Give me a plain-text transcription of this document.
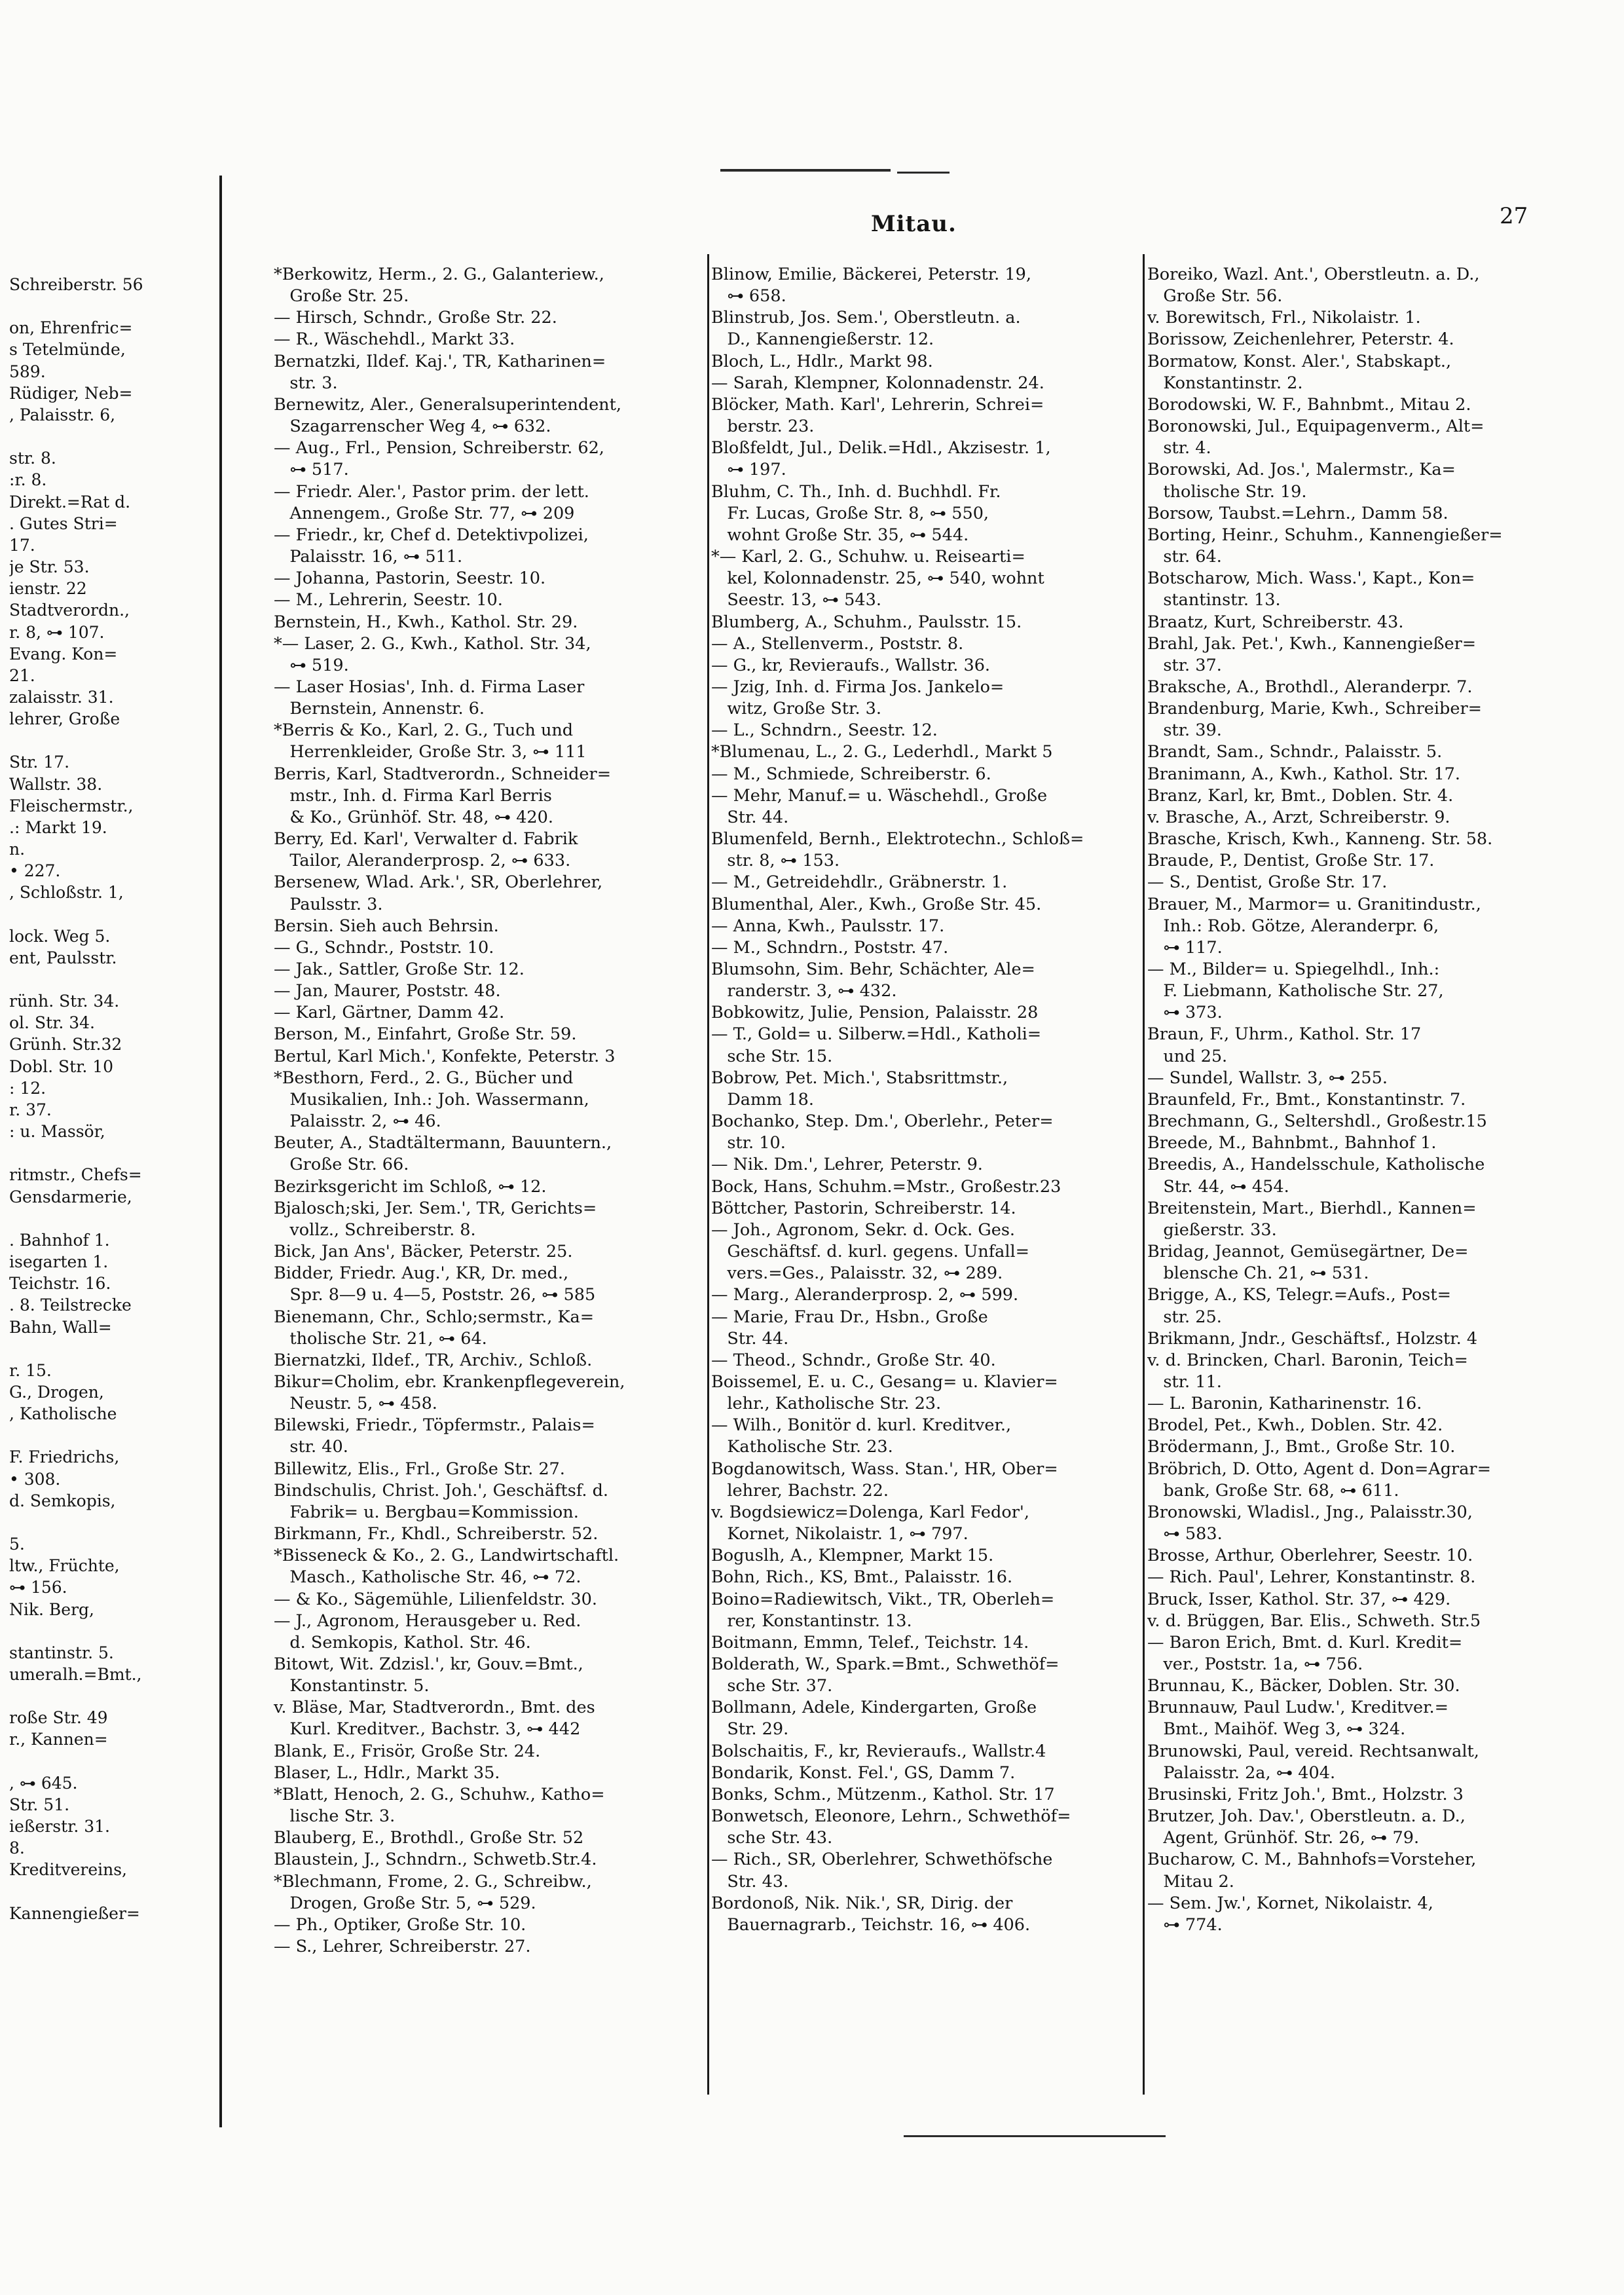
Mitau.	27
Schreiberstr. 56

on, Ehrenfric=
s Tetelmünde,
589.
Rüdiger, Neb=
, Palaisstr. 6,

str. 8.
:r. 8.
Direkt.=Rat d.
. Gutes Stri=
17.
je Str. 53.
ienstr. 22
Stadtverordn.,
r. 8, ⊶ 107.
Evang. Kon=
21.
zalaisstr. 31.
lehrer, Große

Str. 17.
Wallstr. 38.
Fleischermstr.,
.: Markt 19.
n.
• 227.
, Schloßstr. 1,

lock. Weg 5.
ent, Paulsstr.

rünh. Str. 34.
ol. Str. 34.
Grünh. Str.32
Dobl. Str. 10
: 12.
r. 37.
: u. Massör,

ritmstr., Chefs=
Gensdarmerie,

. Bahnhof 1.
isegarten 1.
Teichstr. 16.
. 8. Teilstrecke
Bahn, Wall=

r. 15.
G., Drogen,
, Katholische

F. Friedrichs,
• 308.
d. Semkopis,

5.
ltw., Früchte,
⊶ 156.
Nik. Berg,

stantinstr. 5.
umeralh.=Bmt.,

roße Str. 49
r., Kannen=

, ⊶ 645.
Str. 51.
ießerstr. 31.
8.
Kreditvereins,

Kannengießer=
*Berkowitz, Herm., 2. G., Galanteriew.,
Große Str. 25.
— Hirsch, Schndr., Große Str. 22.
— R., Wäschehdl., Markt 33.
Bernatzki, Ildef. Kaj.', TR, Katharinen=
str. 3.
Bernewitz, Aler., Generalsuperintendent,
Szagarrenscher Weg 4, ⊶ 632.
— Aug., Frl., Pension, Schreiberstr. 62,
⊶ 517.
— Friedr. Aler.', Pastor prim. der lett.
Annengem., Große Str. 77, ⊶ 209
— Friedr., kr, Chef d. Detektivpolizei,
Palaisstr. 16, ⊶ 511.
— Johanna, Pastorin, Seestr. 10.
— M., Lehrerin, Seestr. 10.
Bernstein, H., Kwh., Kathol. Str. 29.
*— Laser, 2. G., Kwh., Kathol. Str. 34,
⊶ 519.
— Laser Hosias', Inh. d. Firma Laser
Bernstein, Annenstr. 6.
*Berris & Ko., Karl, 2. G., Tuch und
Herrenkleider, Große Str. 3, ⊶ 111
Berris, Karl, Stadtverordn., Schneider=
mstr., Inh. d. Firma Karl Berris
& Ko., Grünhöf. Str. 48, ⊶ 420.
Berry, Ed. Karl', Verwalter d. Fabrik
Tailor, Aleranderprosp. 2, ⊶ 633.
Bersenew, Wlad. Ark.', SR, Oberlehrer,
Paulsstr. 3.
Bersin. Sieh auch Behrsin.
— G., Schndr., Poststr. 10.
— Jak., Sattler, Große Str. 12.
— Jan, Maurer, Poststr. 48.
— Karl, Gärtner, Damm 42.
Berson, M., Einfahrt, Große Str. 59.
Bertul, Karl Mich.', Konfekte, Peterstr. 3
*Besthorn, Ferd., 2. G., Bücher und
Musikalien, Inh.: Joh. Wassermann,
Palaisstr. 2, ⊶ 46.
Beuter, A., Stadtältermann, Bauuntern.,
Große Str. 66.
Bezirksgericht im Schloß, ⊶ 12.
Bjalosch;ski, Jer. Sem.', TR, Gerichts=
vollz., Schreiberstr. 8.
Bick, Jan Ans', Bäcker, Peterstr. 25.
Bidder, Friedr. Aug.', KR, Dr. med.,
Spr. 8—9 u. 4—5, Poststr. 26, ⊶ 585
Bienemann, Chr., Schlo;sermstr., Ka=
tholische Str. 21, ⊶ 64.
Biernatzki, Ildef., TR, Archiv., Schloß.
Bikur=Cholim, ebr. Krankenpflegeverein,
Neustr. 5, ⊶ 458.
Bilewski, Friedr., Töpfermstr., Palais=
str. 40.
Billewitz, Elis., Frl., Große Str. 27.
Bindschulis, Christ. Joh.', Geschäftsf. d.
Fabrik= u. Bergbau=Kommission.
Birkmann, Fr., Khdl., Schreiberstr. 52.
*Bisseneck & Ko., 2. G., Landwirtschaftl.
Masch., Katholische Str. 46, ⊶ 72.
— & Ko., Sägemühle, Lilienfeldstr. 30.
— J., Agronom, Herausgeber u. Red.
d. Semkopis, Kathol. Str. 46.
Bitowt, Wit. Zdzisl.', kr, Gouv.=Bmt.,
Konstantinstr. 5.
v. Bläse, Mar, Stadtverordn., Bmt. des
Kurl. Kreditver., Bachstr. 3, ⊶ 442
Blank, E., Frisör, Große Str. 24.
Blaser, L., Hdlr., Markt 35.
*Blatt, Henoch, 2. G., Schuhw., Katho=
lische Str. 3.
Blauberg, E., Brothdl., Große Str. 52
Blaustein, J., Schndrn., Schwetb.Str.4.
*Blechmann, Frome, 2. G., Schreibw.,
Drogen, Große Str. 5, ⊶ 529.
— Ph., Optiker, Große Str. 10.
— S., Lehrer, Schreiberstr. 27.
Blinow, Emilie, Bäckerei, Peterstr. 19,
⊶ 658.
Blinstrub, Jos. Sem.', Oberstleutn. a.
D., Kannengießerstr. 12.
Bloch, L., Hdlr., Markt 98.
— Sarah, Klempner, Kolonnadenstr. 24.
Blöcker, Math. Karl', Lehrerin, Schrei=
berstr. 23.
Bloßfeldt, Jul., Delik.=Hdl., Akzisestr. 1,
⊶ 197.
Bluhm, C. Th., Inh. d. Buchhdl. Fr.
Fr. Lucas, Große Str. 8, ⊶ 550,
wohnt Große Str. 35, ⊶ 544.
*— Karl, 2. G., Schuhw. u. Reisearti=
kel, Kolonnadenstr. 25, ⊶ 540, wohnt
Seestr. 13, ⊶ 543.
Blumberg, A., Schuhm., Paulsstr. 15.
— A., Stellenverm., Poststr. 8.
— G., kr, Revieraufs., Wallstr. 36.
— Jzig, Inh. d. Firma Jos. Jankelo=
witz, Große Str. 3.
— L., Schndrn., Seestr. 12.
*Blumenau, L., 2. G., Lederhdl., Markt 5
— M., Schmiede, Schreiberstr. 6.
— Mehr, Manuf.= u. Wäschehdl., Große
Str. 44.
Blumenfeld, Bernh., Elektrotechn., Schloß=
str. 8, ⊶ 153.
— M., Getreidehdlr., Gräbnerstr. 1.
Blumenthal, Aler., Kwh., Große Str. 45.
— Anna, Kwh., Paulsstr. 17.
— M., Schndrn., Poststr. 47.
Blumsohn, Sim. Behr, Schächter, Ale=
randerstr. 3, ⊶ 432.
Bobkowitz, Julie, Pension, Palaisstr. 28
— T., Gold= u. Silberw.=Hdl., Katholi=
sche Str. 15.
Bobrow, Pet. Mich.', Stabsrittmstr.,
Damm 18.
Bochanko, Step. Dm.', Oberlehr., Peter=
str. 10.
— Nik. Dm.', Lehrer, Peterstr. 9.
Bock, Hans, Schuhm.=Mstr., Großestr.23
Böttcher, Pastorin, Schreiberstr. 14.
— Joh., Agronom, Sekr. d. Ock. Ges.
Geschäftsf. d. kurl. gegens. Unfall=
vers.=Ges., Palaisstr. 32, ⊶ 289.
— Marg., Aleranderprosp. 2, ⊶ 599.
— Marie, Frau Dr., Hsbn., Große
Str. 44.
— Theod., Schndr., Große Str. 40.
Boissemel, E. u. C., Gesang= u. Klavier=
lehr., Katholische Str. 23.
— Wilh., Bonitör d. kurl. Kreditver.,
Katholische Str. 23.
Bogdanowitsch, Wass. Stan.', HR, Ober=
lehrer, Bachstr. 22.
v. Bogdsiewicz=Dolenga, Karl Fedor',
Kornet, Nikolaistr. 1, ⊶ 797.
Boguslh, A., Klempner, Markt 15.
Bohn, Rich., KS, Bmt., Palaisstr. 16.
Boino=Radiewitsch, Vikt., TR, Oberleh=
rer, Konstantinstr. 13.
Boitmann, Emmn, Telef., Teichstr. 14.
Bolderath, W., Spark.=Bmt., Schwethöf=
sche Str. 37.
Bollmann, Adele, Kindergarten, Große
Str. 29.
Bolschaitis, F., kr, Revieraufs., Wallstr.4
Bondarik, Konst. Fel.', GS, Damm 7.
Bonks, Schm., Mützenm., Kathol. Str. 17
Bonwetsch, Eleonore, Lehrn., Schwethöf=
sche Str. 43.
— Rich., SR, Oberlehrer, Schwethöfsche
Str. 43.
Bordonoß, Nik. Nik.', SR, Dirig. der
Bauernagrarb., Teichstr. 16, ⊶ 406.
Boreiko, Wazl. Ant.', Oberstleutn. a. D.,
Große Str. 56.
v. Borewitsch, Frl., Nikolaistr. 1.
Borissow, Zeichenlehrer, Peterstr. 4.
Bormatow, Konst. Aler.', Stabskapt.,
Konstantinstr. 2.
Borodowski, W. F., Bahnbmt., Mitau 2.
Boronowski, Jul., Equipagenverm., Alt=
str. 4.
Borowski, Ad. Jos.', Malermstr., Ka=
tholische Str. 19.
Borsow, Taubst.=Lehrn., Damm 58.
Borting, Heinr., Schuhm., Kannengießer=
str. 64.
Botscharow, Mich. Wass.', Kapt., Kon=
stantinstr. 13.
Braatz, Kurt, Schreiberstr. 43.
Brahl, Jak. Pet.', Kwh., Kannengießer=
str. 37.
Braksche, A., Brothdl., Aleranderpr. 7.
Brandenburg, Marie, Kwh., Schreiber=
str. 39.
Brandt, Sam., Schndr., Palaisstr. 5.
Branimann, A., Kwh., Kathol. Str. 17.
Branz, Karl, kr, Bmt., Doblen. Str. 4.
v. Brasche, A., Arzt, Schreiberstr. 9.
Brasche, Krisch, Kwh., Kanneng. Str. 58.
Braude, P., Dentist, Große Str. 17.
— S., Dentist, Große Str. 17.
Brauer, M., Marmor= u. Granitindustr.,
Inh.: Rob. Götze, Aleranderpr. 6,
⊶ 117.
— M., Bilder= u. Spiegelhdl., Inh.:
F. Liebmann, Katholische Str. 27,
⊶ 373.
Braun, F., Uhrm., Kathol. Str. 17
und 25.
— Sundel, Wallstr. 3, ⊶ 255.
Braunfeld, Fr., Bmt., Konstantinstr. 7.
Brechmann, G., Seltershdl., Großestr.15
Breede, M., Bahnbmt., Bahnhof 1.
Breedis, A., Handelsschule, Katholische
Str. 44, ⊶ 454.
Breitenstein, Mart., Bierhdl., Kannen=
gießerstr. 33.
Bridag, Jeannot, Gemüsegärtner, De=
blensche Ch. 21, ⊶ 531.
Brigge, A., KS, Telegr.=Aufs., Post=
str. 25.
Brikmann, Jndr., Geschäftsf., Holzstr. 4
v. d. Brincken, Charl. Baronin, Teich=
str. 11.
— L. Baronin, Katharinenstr. 16.
Brodel, Pet., Kwh., Doblen. Str. 42.
Brödermann, J., Bmt., Große Str. 10.
Bröbrich, D. Otto, Agent d. Don=Agrar=
bank, Große Str. 68, ⊶ 611.
Bronowski, Wladisl., Jng., Palaisstr.30,
⊶ 583.
Brosse, Arthur, Oberlehrer, Seestr. 10.
— Rich. Paul', Lehrer, Konstantinstr. 8.
Bruck, Isser, Kathol. Str. 37, ⊶ 429.
v. d. Brüggen, Bar. Elis., Schweth. Str.5
— Baron Erich, Bmt. d. Kurl. Kredit=
ver., Poststr. 1a, ⊶ 756.
Brunnau, K., Bäcker, Doblen. Str. 30.
Brunnauw, Paul Ludw.', Kreditver.=
Bmt., Maihöf. Weg 3, ⊶ 324.
Brunowski, Paul, vereid. Rechtsanwalt,
Palaisstr. 2a, ⊶ 404.
Brusinski, Fritz Joh.', Bmt., Holzstr. 3
Brutzer, Joh. Dav.', Oberstleutn. a. D.,
Agent, Grünhöf. Str. 26, ⊶ 79.
Bucharow, C. M., Bahnhofs=Vorsteher,
Mitau 2.
— Sem. Jw.', Kornet, Nikolaistr. 4,
⊶ 774.
